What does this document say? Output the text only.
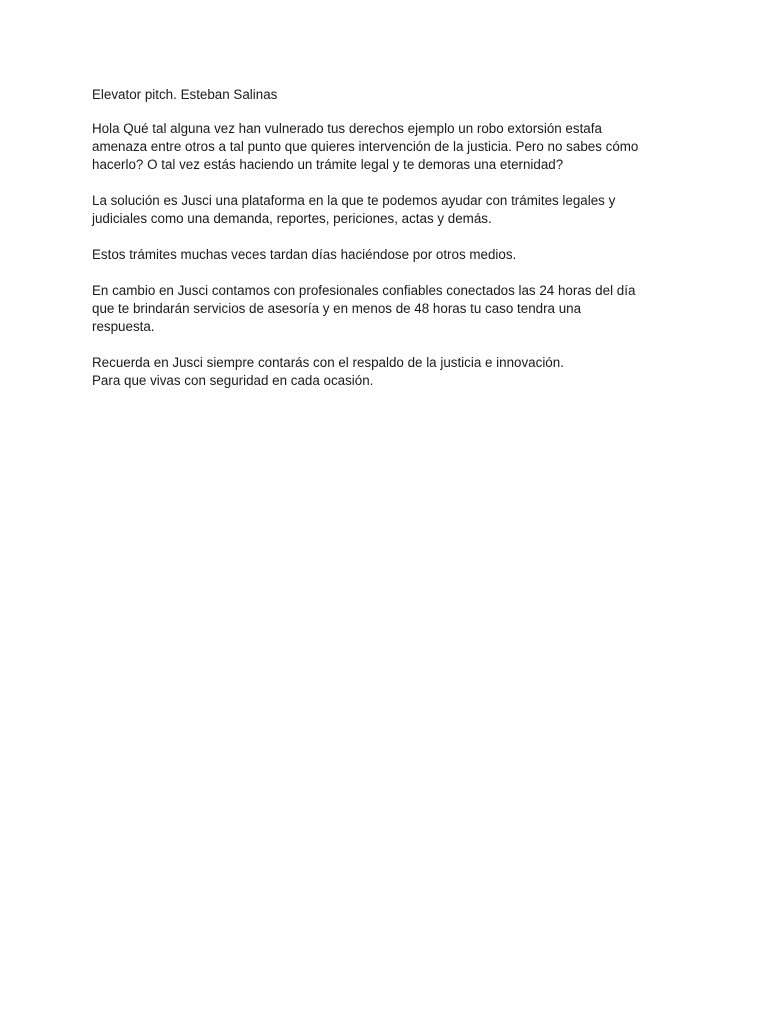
Elevator pitch. Esteban Salinas

Hola Qué tal alguna vez han vulnerado tus derechos ejemplo un robo extorsión estafa
amenaza entre otros a tal punto que quieres intervención de la justicia. Pero no sabes cómo
hacerlo? O tal vez estás haciendo un trámite legal y te demoras una eternidad?

La solución es Jusci una plataforma en la que te podemos ayudar con trámites legales y
judiciales como una demanda, reportes, periciones, actas y demás.

Estos trámites muchas veces tardan días haciéndose por otros medios.

En cambio en Jusci contamos con profesionales confiables conectados las 24 horas del día
que te brindarán servicios de asesoría y en menos de 48 horas tu caso tendra una
respuesta.

Recuerda en Jusci siempre contarás con el respaldo de la justicia e innovación.
Para que vivas con seguridad en cada ocasión.
